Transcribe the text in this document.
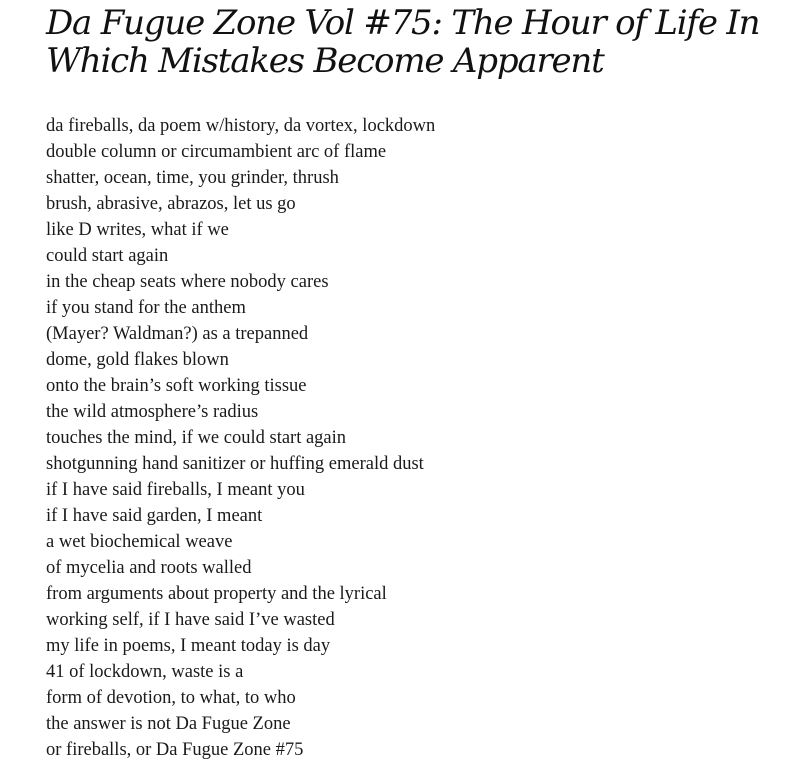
Da Fugue Zone Vol #75: The Hour of Life In
Which Mistakes Become Apparent
da fireballs, da poem w/history, da vortex, lockdown
double column or circumambient arc of flame
shatter, ocean, time, you grinder, thrush
brush, abrasive, abrazos, let us go
like D writes, what if we
could start again
in the cheap seats where nobody cares
if you stand for the anthem
(Mayer? Waldman?) as a trepanned
dome, gold flakes blown
onto the brain’s soft working tissue
the wild atmosphere’s radius
touches the mind, if we could start again
shotgunning hand sanitizer or huffing emerald dust
if I have said fireballs, I meant you
if I have said garden, I meant
a wet biochemical weave
of mycelia and roots walled
from arguments about property and the lyrical
working self, if I have said I’ve wasted
my life in poems, I meant today is day
41 of lockdown, waste is a
form of devotion, to what, to who
the answer is not Da Fugue Zone
or fireballs, or Da Fugue Zone #75
